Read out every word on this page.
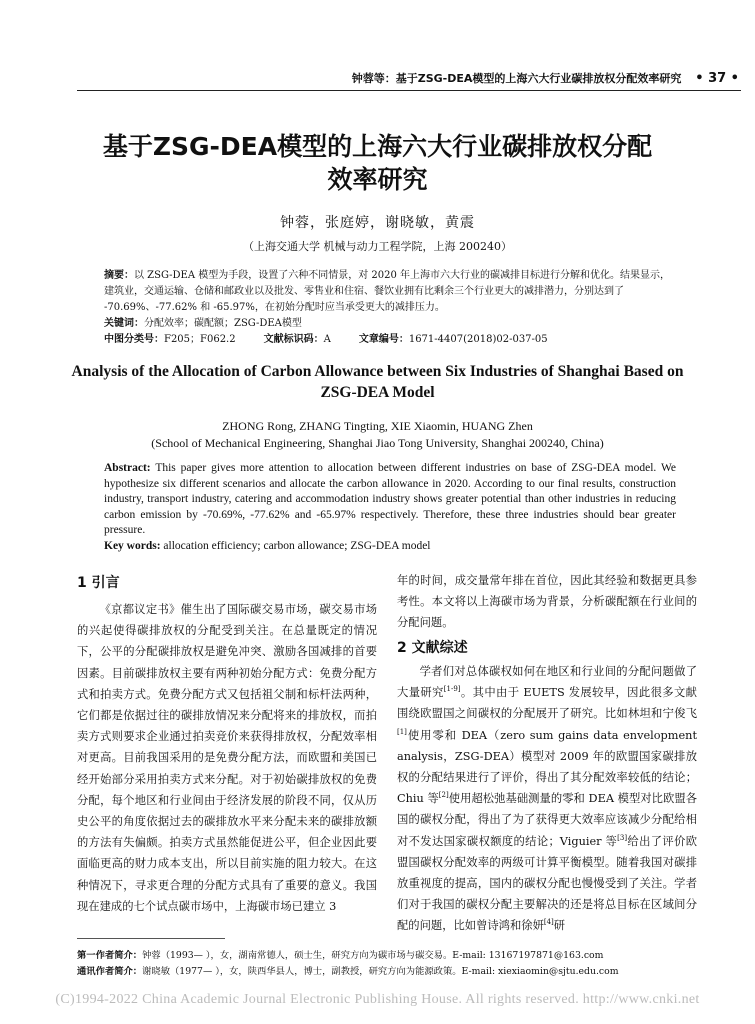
钟蓉等：基于ZSG-DEA模型的上海六大行业碳排放权分配效率研究 • 37 •
基于ZSG-DEA模型的上海六大行业碳排放权分配
效率研究
钟蓉，张庭婷，谢晓敏，黄震
（上海交通大学 机械与动力工程学院，上海 200240）
摘要：以 ZSG-DEA 模型为手段，设置了六种不同情景，对 2020 年上海市六大行业的碳减排目标进行分解和优化。结果显示，建筑业，交通运输、仓储和邮政业以及批发、零售业和住宿、餐饮业拥有比剩余三个行业更大的减排潜力，分别达到了 -70.69%、-77.62% 和 -65.97%，在初始分配时应当承受更大的减排压力。
关键词：分配效率；碳配额；ZSG-DEA模型
中图分类号：F205；F062.2	文献标识码：A	文章编号：1671-4407(2018)02-037-05
Analysis of the Allocation of Carbon Allowance between Six Industries of Shanghai Based on
ZSG-DEA Model
ZHONG Rong, ZHANG Tingting, XIE Xiaomin, HUANG Zhen
(School of Mechanical Engineering, Shanghai Jiao Tong University, Shanghai 200240, China)
Abstract: This paper gives more attention to allocation between different industries on base of ZSG-DEA model. We hypothesize six different scenarios and allocate the carbon allowance in 2020. According to our final results, construction industry, transport industry, catering and accommodation industry shows greater potential than other industries in reducing carbon emission by -70.69%, -77.62% and -65.97% respectively. Therefore, these three industries should bear greater pressure.
Key words: allocation efficiency; carbon allowance; ZSG-DEA model
1 引言
《京都议定书》催生出了国际碳交易市场，碳交易市场的兴起使得碳排放权的分配受到关注。在总量既定的情况下，公平的分配碳排放权是避免冲突、激励各国减排的首要因素。目前碳排放权主要有两种初始分配方式：免费分配方式和拍卖方式。免费分配方式又包括祖父制和标杆法两种，它们都是依据过往的碳排放情况来分配将来的排放权，而拍卖方式则要求企业通过拍卖竞价来获得排放权，分配效率相对更高。目前我国采用的是免费分配方法，而欧盟和美国已经开始部分采用拍卖方式来分配。对于初始碳排放权的免费分配，每个地区和行业间由于经济发展的阶段不同，仅从历史公平的角度依据过去的碳排放水平来分配未来的碳排放额的方法有失偏颇。拍卖方式虽然能促进公平，但企业因此要面临更高的财力成本支出，所以目前实施的阻力较大。在这种情况下，寻求更合理的分配方式具有了重要的意义。我国现在建成的七个试点碳市场中，上海碳市场已建立 3
年的时间，成交量常年排在首位，因此其经验和数据更具参考性。本文将以上海碳市场为背景，分析碳配额在行业间的分配问题。
2 文献综述
学者们对总体碳权如何在地区和行业间的分配问题做了大量研究[1-9]。其中由于 EUETS 发展较早，因此很多文献围绕欧盟国之间碳权的分配展开了研究。比如林坦和宁俊飞[1]使用零和 DEA（zero sum gains data envelopment analysis，ZSG-DEA）模型对 2009 年的欧盟国家碳排放权的分配结果进行了评价，得出了其分配效率较低的结论；Chiu 等[2]使用超松弛基础测量的零和 DEA 模型对比欧盟各国的碳权分配，得出了为了获得更大效率应该减少分配给相对不发达国家碳权额度的结论；Viguier 等[3]给出了评价欧盟国碳权分配效率的两级可计算平衡模型。随着我国对碳排放重视度的提高，国内的碳权分配也慢慢受到了关注。学者们对于我国的碳权分配主要解决的还是将总目标在区域间分配的问题，比如曾诗鸿和徐妍[4]研
第一作者简介：钟蓉（1993— ），女，湖南常德人，硕士生，研究方向为碳市场与碳交易。E-mail: 13167197871@163.com
通讯作者简介：谢晓敏（1977— ），女，陕西华县人，博士，副教授，研究方向为能源政策。E-mail: xiexiaomin@sjtu.edu.com
(C)1994-2022 China Academic Journal Electronic Publishing House. All rights reserved. http://www.cnki.net
